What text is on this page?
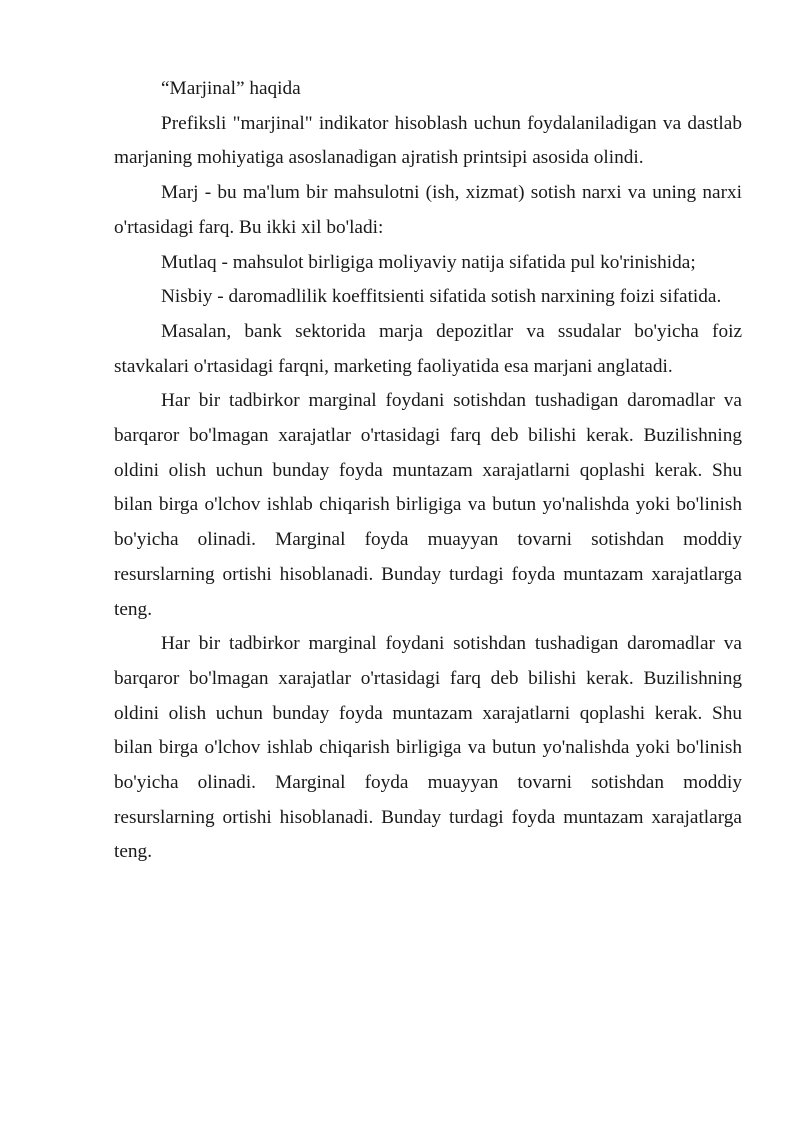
“Marjinal” haqida

Prefiksli "marjinal" indikator hisoblash uchun foydalaniladigan va dastlab marjaning mohiyatiga asoslanadigan ajratish printsipi asosida olindi.

Marj - bu ma'lum bir mahsulotni (ish, xizmat) sotish narxi va uning narxi o'rtasidagi farq. Bu ikki xil bo'ladi:

Mutlaq - mahsulot birligiga moliyaviy natija sifatida pul ko'rinishida;

Nisbiy - daromadlilik koeffitsienti sifatida sotish narxining foizi sifatida.

Masalan, bank sektorida marja depozitlar va ssudalar bo'yicha foiz stavkalari o'rtasidagi farqni, marketing faoliyatida esa marjani anglatadi.

Har bir tadbirkor marginal foydani sotishdan tushadigan daromadlar va barqaror bo'lmagan xarajatlar o'rtasidagi farq deb bilishi kerak. Buzilishning oldini olish uchun bunday foyda muntazam xarajatlarni qoplashi kerak. Shu bilan birga o'lchov ishlab chiqarish birligiga va butun yo'nalishda yoki bo'linish bo'yicha olinadi. Marginal foyda muayyan tovarni sotishdan moddiy resurslarning ortishi hisoblanadi. Bunday turdagi foyda muntazam xarajatlarga teng.

Har bir tadbirkor marginal foydani sotishdan tushadigan daromadlar va barqaror bo'lmagan xarajatlar o'rtasidagi farq deb bilishi kerak. Buzilishning oldini olish uchun bunday foyda muntazam xarajatlarni qoplashi kerak. Shu bilan birga o'lchov ishlab chiqarish birligiga va butun yo'nalishda yoki bo'linish bo'yicha olinadi. Marginal foyda muayyan tovarni sotishdan moddiy resurslarning ortishi hisoblanadi. Bunday turdagi foyda muntazam xarajatlarga teng.
